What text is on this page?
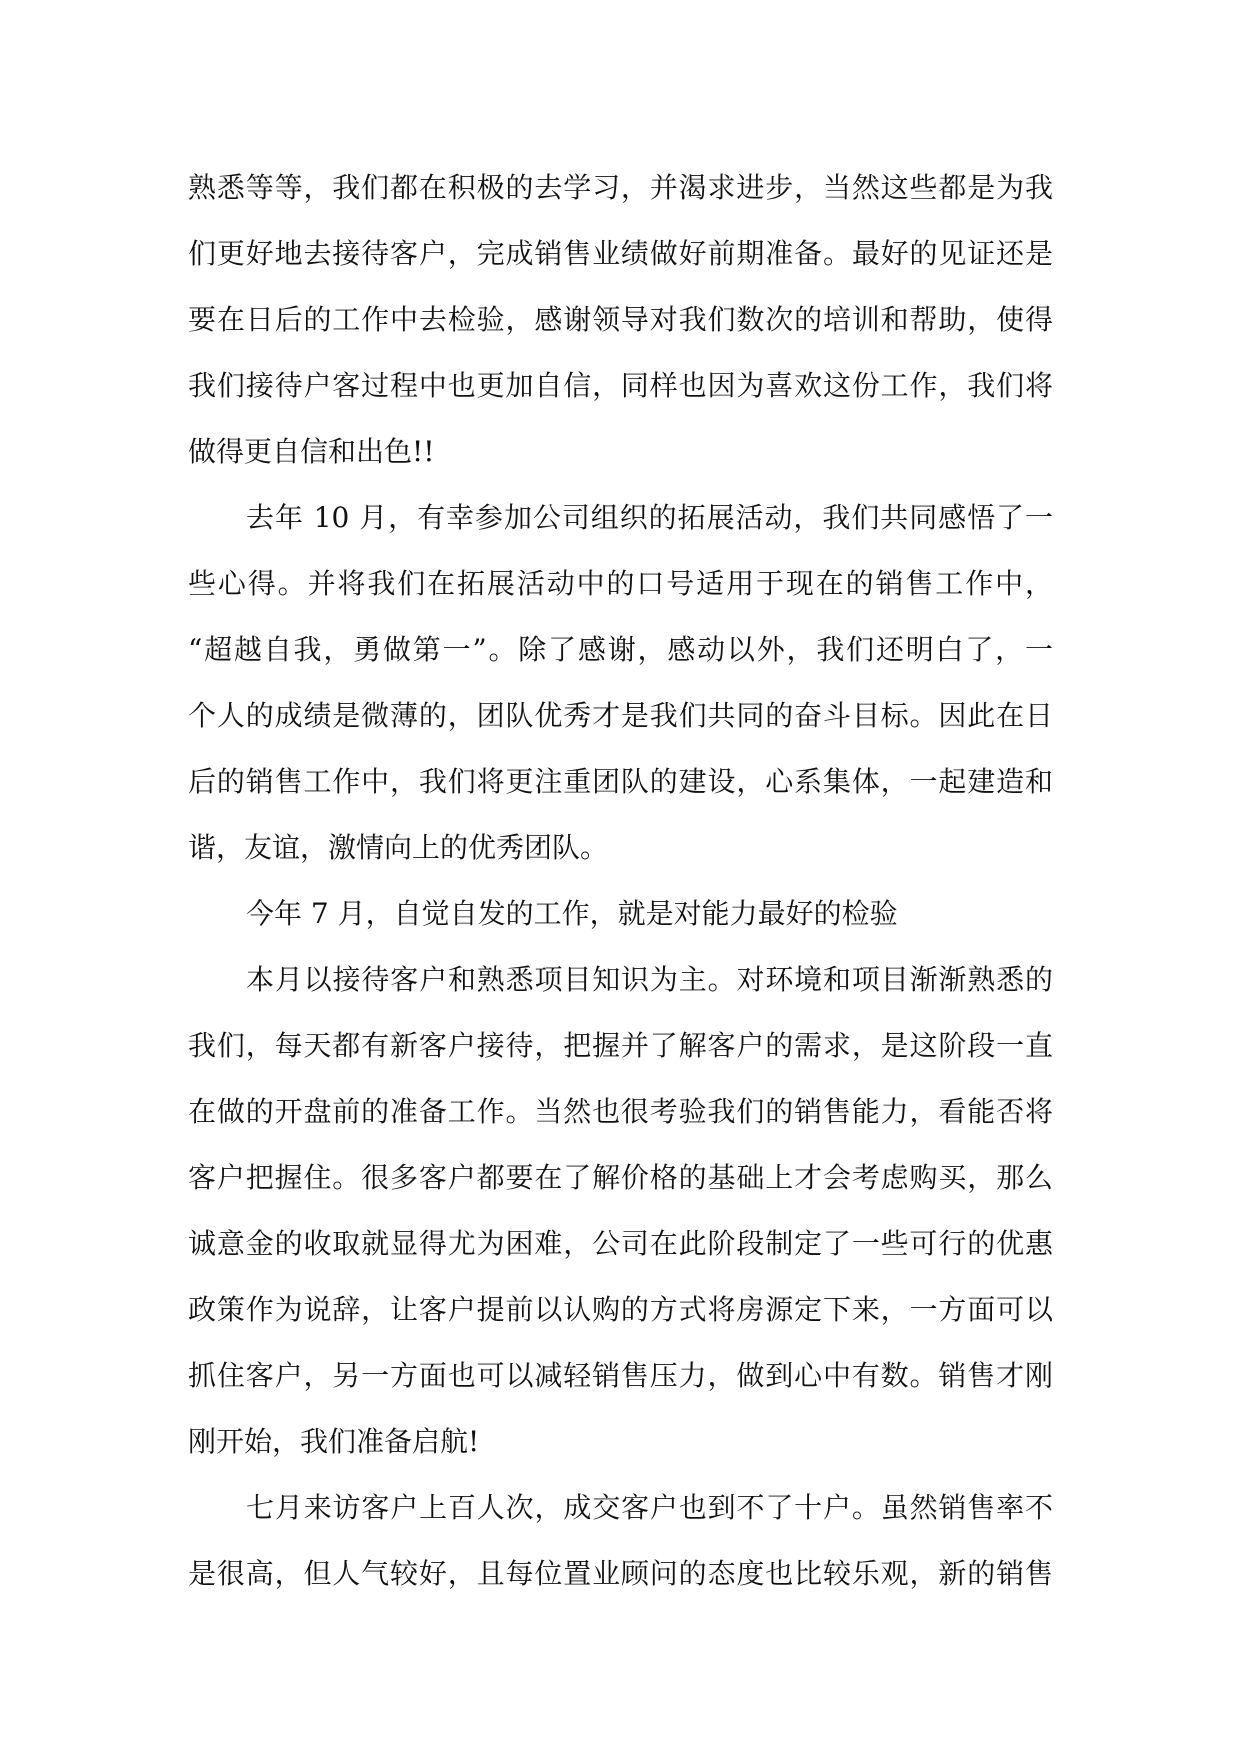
熟悉等等，我们都在积极的去学习，并渴求进步，当然这些都是为我
们更好地去接待客户，完成销售业绩做好前期准备。最好的见证还是
要在日后的工作中去检验，感谢领导对我们数次的培训和帮助，使得
我们接待户客过程中也更加自信，同样也因为喜欢这份工作，我们将
做得更自信和出色!!
去年 10 月，有幸参加公司组织的拓展活动，我们共同感悟了一
些心得。并将我们在拓展活动中的口号适用于现在的销售工作中，
“超越自我，勇做第一”。除了感谢，感动以外，我们还明白了，一
个人的成绩是微薄的，团队优秀才是我们共同的奋斗目标。因此在日
后的销售工作中，我们将更注重团队的建设，心系集体，一起建造和
谐，友谊，激情向上的优秀团队。
今年 7 月，自觉自发的工作，就是对能力最好的检验
本月以接待客户和熟悉项目知识为主。对环境和项目渐渐熟悉的
我们，每天都有新客户接待，把握并了解客户的需求，是这阶段一直
在做的开盘前的准备工作。当然也很考验我们的销售能力，看能否将
客户把握住。很多客户都要在了解价格的基础上才会考虑购买，那么
诚意金的收取就显得尤为困难，公司在此阶段制定了一些可行的优惠
政策作为说辞，让客户提前以认购的方式将房源定下来，一方面可以
抓住客户，另一方面也可以减轻销售压力，做到心中有数。销售才刚
刚开始，我们准备启航!
七月来访客户上百人次，成交客户也到不了十户。虽然销售率不
是很高，但人气较好，且每位置业顾问的态度也比较乐观，新的销售
